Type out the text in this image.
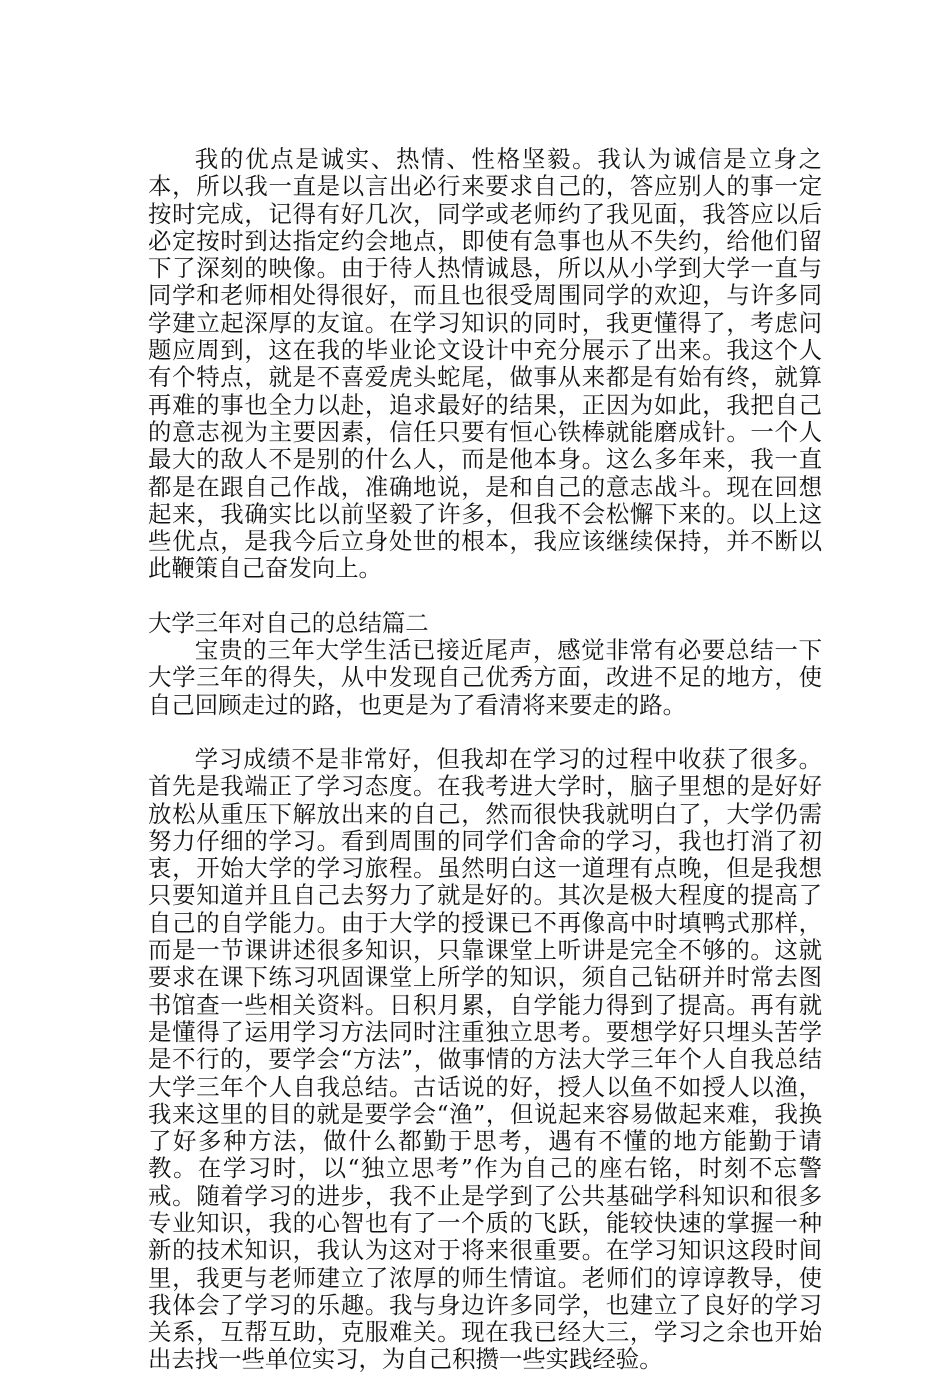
我的优点是诚实、热情、性格坚毅。我认为诚信是立身之本，所以我一直是以言出必行来要求自己的，答应别人的事一定按时完成，记得有好几次，同学或老师约了我见面，我答应以后必定按时到达指定约会地点，即使有急事也从不失约，给他们留下了深刻的映像。由于待人热情诚恳，所以从小学到大学一直与同学和老师相处得很好，而且也很受周围同学的欢迎，与许多同学建立起深厚的友谊。在学习知识的同时，我更懂得了，考虑问题应周到，这在我的毕业论文设计中充分展示了出来。我这个人有个特点，就是不喜爱虎头蛇尾，做事从来都是有始有终，就算再难的事也全力以赴，追求最好的结果，正因为如此，我把自己的意志视为主要因素，信任只要有恒心铁棒就能磨成针。一个人最大的敌人不是别的什么人，而是他本身。这么多年来，我一直都是在跟自己作战，准确地说，是和自己的意志战斗。现在回想起来，我确实比以前坚毅了许多，但我不会松懈下来的。以上这些优点，是我今后立身处世的根本，我应该继续保持，并不断以此鞭策自己奋发向上。

大学三年对自己的总结篇二

宝贵的三年大学生活已接近尾声，感觉非常有必要总结一下大学三年的得失，从中发现自己优秀方面，改进不足的地方，使自己回顾走过的路，也更是为了看清将来要走的路。

学习成绩不是非常好，但我却在学习的过程中收获了很多。首先是我端正了学习态度。在我考进大学时，脑子里想的是好好放松从重压下解放出来的自己，然而很快我就明白了，大学仍需努力仔细的学习。看到周围的同学们舍命的学习，我也打消了初衷，开始大学的学习旅程。虽然明白这一道理有点晚，但是我想只要知道并且自己去努力了就是好的。其次是极大程度的提高了自己的自学能力。由于大学的授课已不再像高中时填鸭式那样，而是一节课讲述很多知识，只靠课堂上听讲是完全不够的。这就要求在课下练习巩固课堂上所学的知识，须自己钻研并时常去图书馆查一些相关资料。日积月累，自学能力得到了提高。再有就是懂得了运用学习方法同时注重独立思考。要想学好只埋头苦学是不行的，要学会“方法”，做事情的方法大学三年个人自我总结大学三年个人自我总结。古话说的好，授人以鱼不如授人以渔，我来这里的目的就是要学会“渔”，但说起来容易做起来难，我换了好多种方法，做什么都勤于思考，遇有不懂的地方能勤于请教。在学习时，以“独立思考”作为自己的座右铭，时刻不忘警戒。随着学习的进步，我不止是学到了公共基础学科知识和很多专业知识，我的心智也有了一个质的飞跃，能较快速的掌握一种新的技术知识，我认为这对于将来很重要。在学习知识这段时间里，我更与老师建立了浓厚的师生情谊。老师们的谆谆教导，使我体会了学习的乐趣。我与身边许多同学，也建立了良好的学习关系，互帮互助，克服难关。现在我已经大三，学习之余也开始出去找一些单位实习，为自己积攒一些实践经验。
